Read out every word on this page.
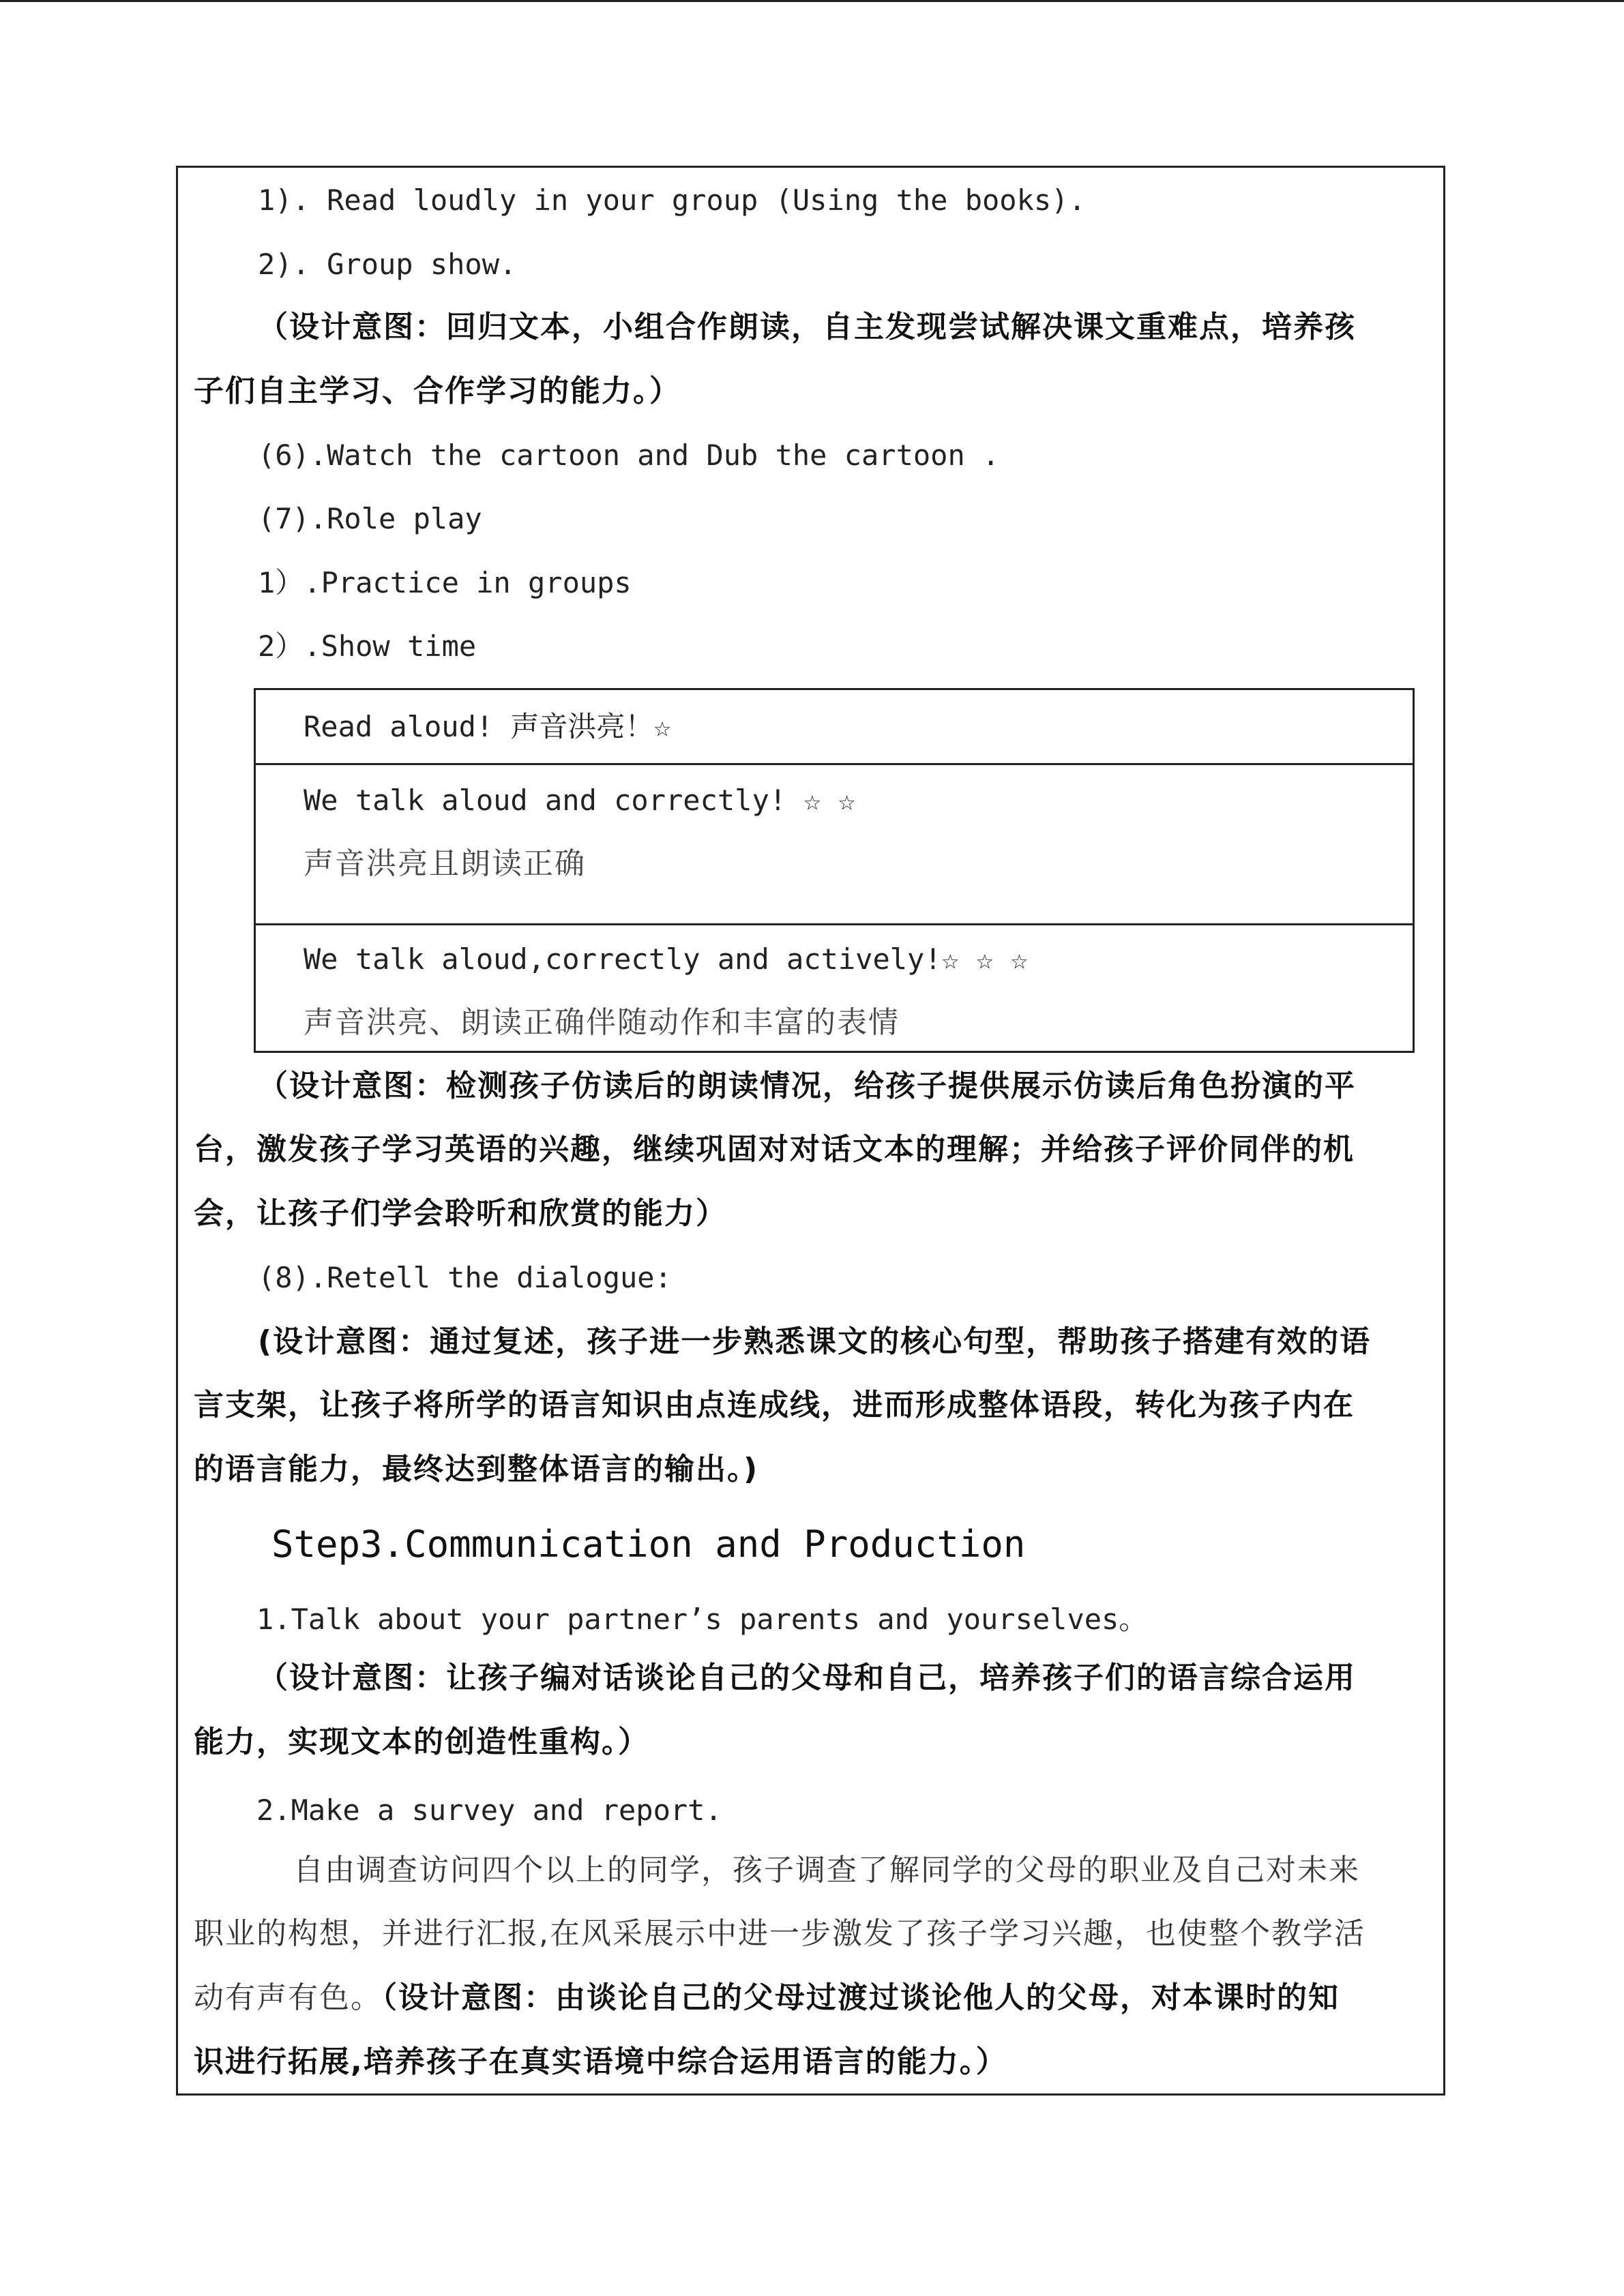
1). Read loudly in your group (Using the books).
2). Group show.
（设计意图：回归文本，小组合作朗读，自主发现尝试解决课文重难点，培养孩
子们自主学习、合作学习的能力。）
(6).Watch the cartoon and Dub the cartoon .
(7).Role play
1）.Practice in groups
2）.Show time
Read aloud! 声音洪亮！☆
We talk aloud and correctly! ☆ ☆
声音洪亮且朗读正确
We talk aloud,correctly and actively!☆ ☆ ☆
声音洪亮、朗读正确伴随动作和丰富的表情
（设计意图：检测孩子仿读后的朗读情况，给孩子提供展示仿读后角色扮演的平
台，激发孩子学习英语的兴趣，继续巩固对对话文本的理解；并给孩子评价同伴的机
会，让孩子们学会聆听和欣赏的能力）
(8).Retell the dialogue:
(设计意图：通过复述，孩子进一步熟悉课文的核心句型，帮助孩子搭建有效的语
言支架，让孩子将所学的语言知识由点连成线，进而形成整体语段，转化为孩子内在
的语言能力，最终达到整体语言的输出。)
Step3.Communication and Production
1.Talk about your partner’s parents and yourselves。
（设计意图：让孩子编对话谈论自己的父母和自己，培养孩子们的语言综合运用
能力，实现文本的创造性重构。）
2.Make a survey and report.
自由调查访问四个以上的同学，孩子调查了解同学的父母的职业及自己对未来
职业的构想，并进行汇报,在风采展示中进一步激发了孩子学习兴趣，也使整个教学活
动有声有色。（设计意图：由谈论自己的父母过渡过谈论他人的父母，对本课时的知
识进行拓展,培养孩子在真实语境中综合运用语言的能力。）
